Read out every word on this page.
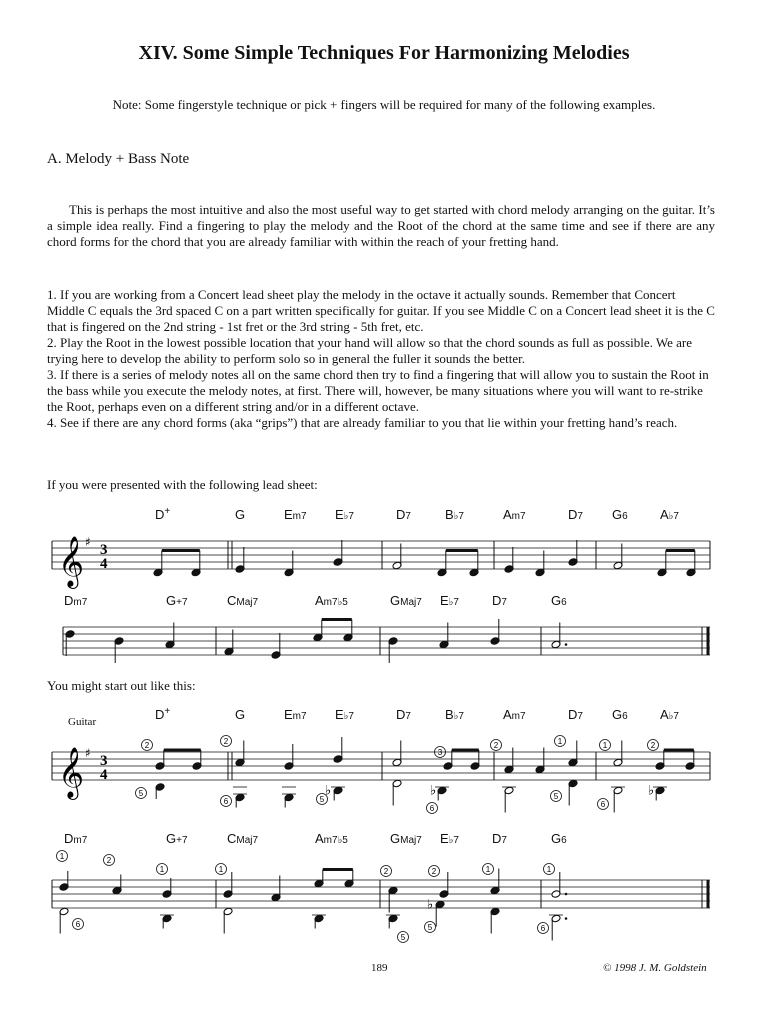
XIV. Some Simple Techniques For Harmonizing Melodies
Note: Some fingerstyle technique or pick + fingers will be required for many of the following examples.
A. Melody + Bass Note

This is perhaps the most intuitive and also the most useful way to get started with chord melody arranging on the guitar. It’s a simple idea really. Find a fingering to play the melody and the Root of the chord at the same time and see if there are any chord forms for the chord that you are already familiar with within the reach of your fretting hand.

1. If you are working from a Concert lead sheet play the melody in the octave it actually sounds. Remember that Concert Middle C equals the 3rd spaced C on a part written specifically for guitar. If you see Middle C on a Concert lead sheet it is the C that is fingered on the 2nd string - 1st fret or the 3rd string - 5th fret, etc.
2. Play the Root in the lowest possible location that your hand will allow so that the chord sounds as full as possible. We are trying here to develop the ability to perform solo so in general the fuller it sounds the better.
3. If there is a series of melody notes all on the same chord then try to find a fingering that will allow you to sustain the Root in the bass while you execute the melody notes, at first. There will, however, be many situations where you will want to re-strike the Root, perhaps even on a different string and/or in a different octave.
4. See if there are any chord forms (aka “grips”) that are already familiar to you that lie within your fretting hand’s reach.
If you were presented with the following lead sheet:
You might start out like this:
Guitar
D+	G	Em7 E♭7	D7	B♭7	Am7	D7 G6 A♭7
𝄞 ♯ 3
4
Dm7	G+7	CMaj7	Am7♭5	GMaj7 E♭7	D7	G6
D+	G	Em7 E♭7	D7	B♭7	Am7	D7 G6 A♭7
𝄞 ♯ 3
4
2
5	♭
2
6	5
♭
3
6
2	1
5	♭
1	2
6
Dm7	G+7	CMaj7	Am7♭5	GMaj7 E♭7	D7	G6
1	2
1
6
1
♭
2	2	1
5
5
1
6
189	© 1998 J. M. Goldstein
